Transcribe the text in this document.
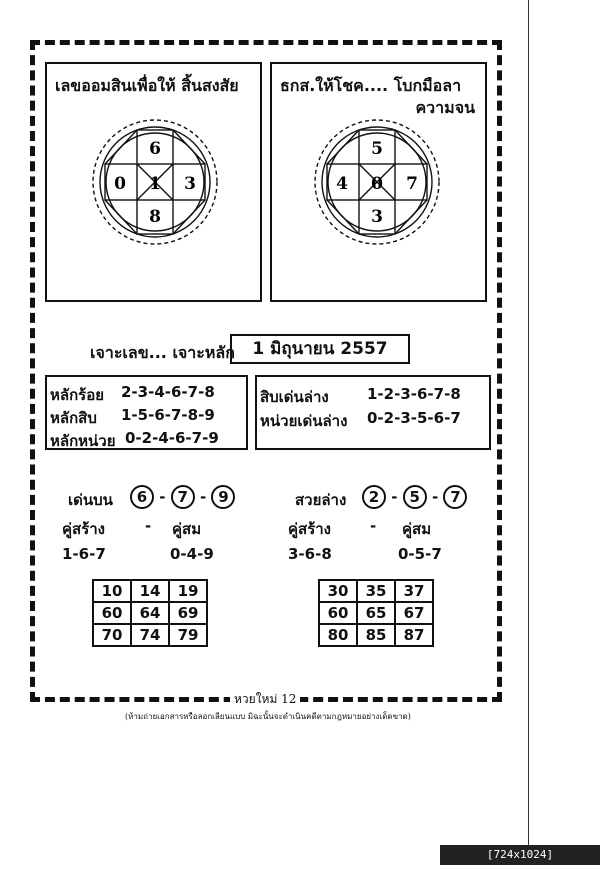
เลขออมสินเพื่อให้ สิ้นสงสัย
6
0 1 3
8
ธกส.ให้โชค.... โบกมือลา
ความจน
5
4 0 7
3
เจาะเลข... เจาะหลัก	1 มิถุนายน 2557
หลักร้อย 2-3-4-6-7-8
หลักสิบ 1-5-6-7-8-9
หลักหน่วย 0-2-4-6-7-9
สิบเด่นล่าง	1-2-3-6-7-8
หน่วยเด่นล่าง 0-2-3-5-6-7
เด่นบน	6 - 7 - 9
คู่สร้าง	- คู่สม
1-6-7	0-4-9
10	14	19
60	64	69
70	74	79
สวยล่าง	2 - 5 - 7
คู่สร้าง	- คู่สม
3-6-8	0-5-7
30	35	37
60	65	67
80	85	87
หวยใหม่ 12
(ห้ามถ่ายเอกสารหรือลอกเลียนแบบ มิฉะนั้นจะดำเนินคดีตามกฎหมายอย่างเด็ดขาด)
[724x1024] https://upic.me/
